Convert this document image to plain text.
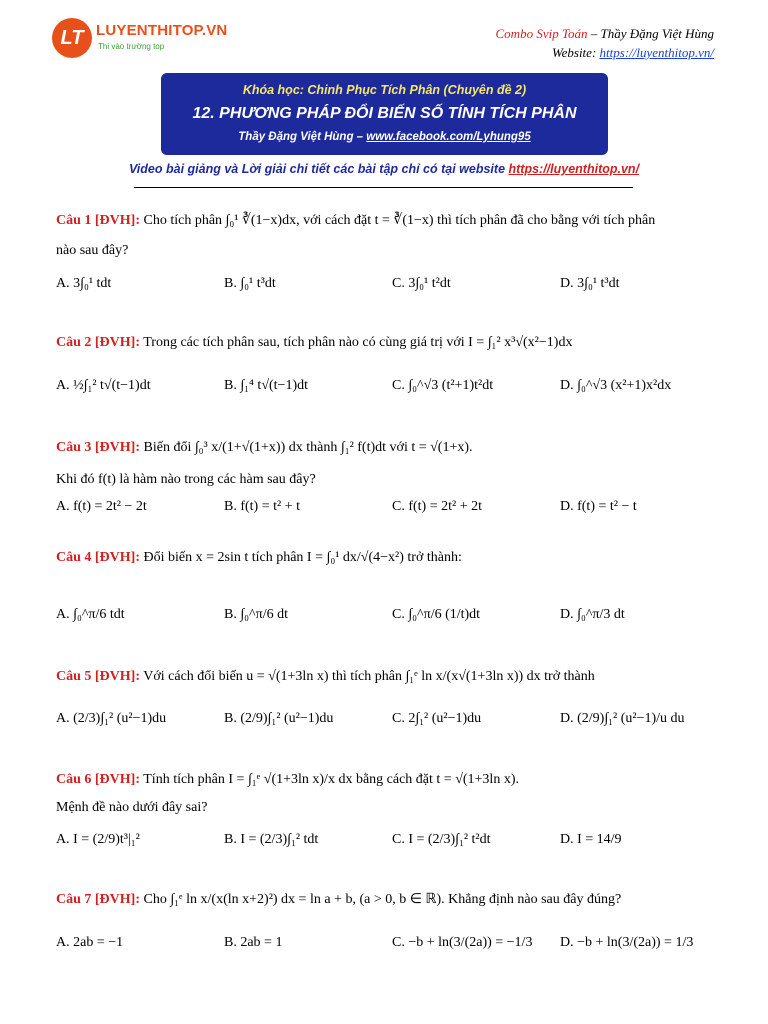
LT LUYENTHITOP.VN
Thi vào trường top
Combo Svip Toán – Thầy Đặng Việt Hùng
Website: https://luyenthitop.vn/
Khóa học: Chinh Phục Tích Phân (Chuyên đề 2)
12. PHƯƠNG PHÁP ĐỔI BIẾN SỐ TÍNH TÍCH PHÂN
Thầy Đặng Việt Hùng – www.facebook.com/Lyhung95
Video bài giảng và Lời giải chi tiết các bài tập chỉ có tại website https://luyenthitop.vn/
Câu 1 [ĐVH]: Cho tích phân ∫₀¹ ∛(1−x)dx, với cách đặt t = ∛(1−x) thì tích phân đã cho bằng với tích phân
nào sau đây?
A. 3∫₀¹ tdt	B. ∫₀¹ t³dt	C. 3∫₀¹ t²dt	D. 3∫₀¹ t³dt
Câu 2 [ĐVH]: Trong các tích phân sau, tích phân nào có cùng giá trị với I = ∫₁² x³√(x²−1)dx
A. ½∫₁² t√(t−1)dt	B. ∫₁⁴ t√(t−1)dt	C. ∫₀^√3 (t²+1)t²dt	D. ∫₀^√3 (x²+1)x²dx
Câu 3 [ĐVH]: Biến đổi ∫₀³ x/(1+√(1+x)) dx thành ∫₁² f(t)dt với t = √(1+x).
Khi đó f(t) là hàm nào trong các hàm sau đây?
A. f(t) = 2t² − 2t	B. f(t) = t² + t	C. f(t) = 2t² + 2t	D. f(t) = t² − t
Câu 4 [ĐVH]: Đổi biến x = 2sin t tích phân I = ∫₀¹ dx/√(4−x²) trở thành:
A. ∫₀^π/6 tdt	B. ∫₀^π/6 dt	C. ∫₀^π/6 (1/t)dt	D. ∫₀^π/3 dt
Câu 5 [ĐVH]: Với cách đổi biến u = √(1+3ln x) thì tích phân ∫₁ᵉ ln x/(x√(1+3ln x)) dx trở thành
A. (2/3)∫₁² (u²−1)du	B. (2/9)∫₁² (u²−1)du	C. 2∫₁² (u²−1)du	D. (2/9)∫₁² (u²−1)/u du
Câu 6 [ĐVH]: Tính tích phân I = ∫₁ᵉ √(1+3ln x)/x dx bằng cách đặt t = √(1+3ln x).
Mệnh đề nào dưới đây sai?
A. I = (2/9)t³|₁²	B. I = (2/3)∫₁² tdt	C. I = (2/3)∫₁² t²dt	D. I = 14/9
Câu 7 [ĐVH]: Cho ∫₁ᵉ ln x/(x(ln x+2)²) dx = ln a + b, (a > 0, b ∈ ℝ). Khẳng định nào sau đây đúng?
A. 2ab = −1	B. 2ab = 1	C. −b + ln(3/(2a)) = −1/3 D. −b + ln(3/(2a)) = 1/3
